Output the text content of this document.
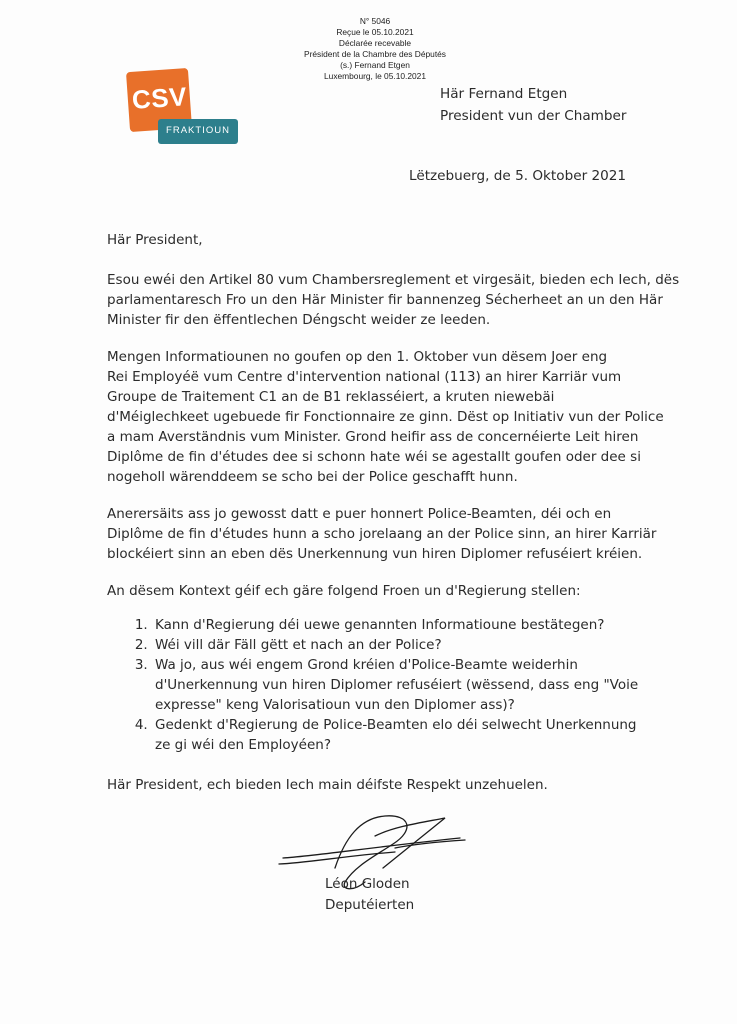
N° 5046
Reçue le 05.10.2021
Déclarée recevable
Président de la Chambre des Députés
(s.) Fernand Etgen
Luxembourg, le 05.10.2021
CSV
FRAKTIOUN
Här Fernand Etgen
President vun der Chamber
Lëtzebuerg, de 5. Oktober 2021

Här President,

Esou ewéi den Artikel 80 vum Chambersreglement et virgesäit, bieden ech Iech, dës
parlamentaresch Fro un den Här Minister fir bannenzeg Sécherheet an un den Här
Minister fir den ëffentlechen Déngscht weider ze leeden.

Mengen Informatiounen no goufen op den 1. Oktober vun dësem Joer eng
Rei Employéë vum Centre d'intervention national (113) an hirer Karriär vum
Groupe de Traitement C1 an de B1 reklasséiert, a kruten niewebäi
d'Méiglechkeet ugebuede fir Fonctionnaire ze ginn. Dëst op Initiativ vun der Police
a mam Averständnis vum Minister. Grond heifir ass de concernéierte Leit hiren
Diplôme de fin d'études dee si schonn hate wéi se agestallt goufen oder dee si
nogeholl wärenddeem se scho bei der Police geschafft hunn.

Anerersäits ass jo gewosst datt e puer honnert Police-Beamten, déi och en
Diplôme de fin d'études hunn a scho jorelaang an der Police sinn, an hirer Karriär
blockéiert sinn an eben dës Unerkennung vun hiren Diplomer refuséiert kréien.

An dësem Kontext géif ech gäre folgend Froen un d'Regierung stellen:

1. Kann d'Regierung déi uewe genannten Informatioune bestätegen?
2. Wéi vill där Fäll gëtt et nach an der Police?
3. Wa jo, aus wéi engem Grond kréien d'Police-Beamte weiderhin
d'Unerkennung vun hiren Diplomer refuséiert (wëssend, dass eng "Voie
expresse" keng Valorisatioun vun den Diplomer ass)?
4. Gedenkt d'Regierung de Police-Beamten elo déi selwecht Unerkennung
ze gi wéi den Employéen?

Här President, ech bieden Iech main déifste Respekt unzehuelen.

Léon Gloden
Deputéierten
